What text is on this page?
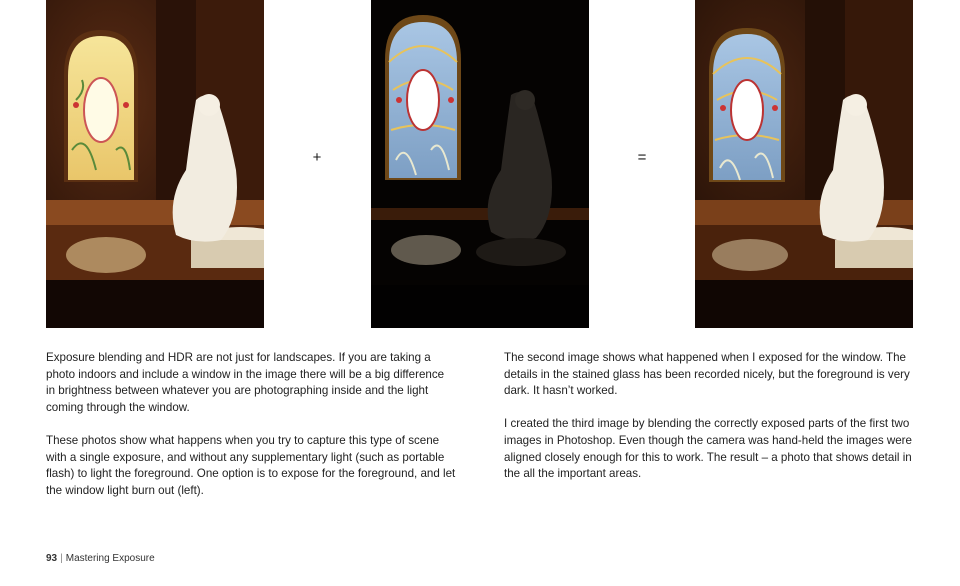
+	=

Exposure blending and HDR are not just for landscapes. If you are taking a photo indoors and include a window in the image there will be a big difference in brightness between whatever you are photographing inside and the light coming through the window.

These photos show what happens when you try to capture this type of scene with a single exposure, and without any supplementary light (such as portable flash) to light the foreground. One option is to expose for the foreground, and let the window light burn out (left).

The second image shows what happened when I exposed for the window. The details in the stained glass has been recorded nicely, but the foreground is very dark. It hasn’t worked.

I created the third image by blending the correctly exposed parts of the first two images in Photoshop. Even though the camera was hand-held the images were aligned closely enough for this to work. The result – a photo that shows detail in the all the important areas.

93 | Mastering Exposure
